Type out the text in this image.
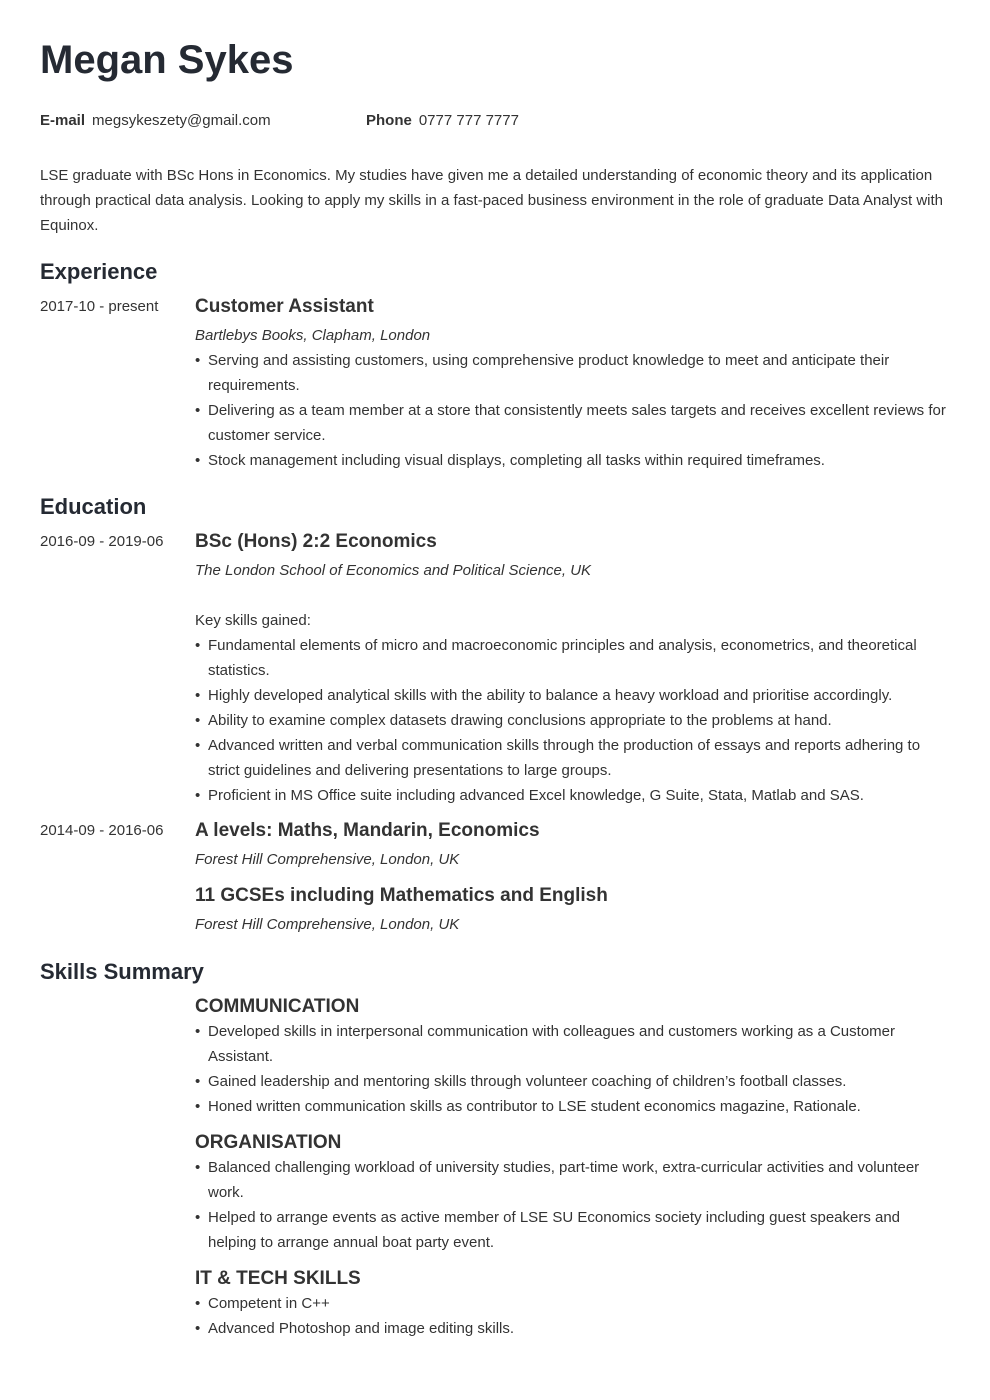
Megan Sykes
E-mail megsykeszety@gmail.com	Phone 0777 777 7777

LSE graduate with BSc Hons in Economics. My studies have given me a detailed understanding of economic theory and its application through practical data analysis. Looking to apply my skills in a fast-paced business environment in the role of graduate Data Analyst with Equinox.

Experience
2017-10 - present	Customer Assistant
Bartlebys Books, Clapham, London
• Serving and assisting customers, using comprehensive product knowledge to meet and anticipate their requirements.
• Delivering as a team member at a store that consistently meets sales targets and receives excellent reviews for customer service.
• Stock management including visual displays, completing all tasks within required timeframes.
Education
2016-09 - 2019-06	BSc (Hons) 2:2 Economics
The London School of Economics and Political Science, UK
Key skills gained:
• Fundamental elements of micro and macroeconomic principles and analysis, econometrics, and theoretical statistics.
• Highly developed analytical skills with the ability to balance a heavy workload and prioritise accordingly.
• Ability to examine complex datasets drawing conclusions appropriate to the problems at hand.
• Advanced written and verbal communication skills through the production of essays and reports adhering to strict guidelines and delivering presentations to large groups.
• Proficient in MS Office suite including advanced Excel knowledge, G Suite, Stata, Matlab and SAS.
2014-09 - 2016-06	A levels: Maths, Mandarin, Economics
Forest Hill Comprehensive, London, UK
11 GCSEs including Mathematics and English
Forest Hill Comprehensive, London, UK
Skills Summary
COMMUNICATION
• Developed skills in interpersonal communication with colleagues and customers working as a Customer Assistant.
• Gained leadership and mentoring skills through volunteer coaching of children’s football classes.
• Honed written communication skills as contributor to LSE student economics magazine, Rationale.
ORGANISATION
• Balanced challenging workload of university studies, part-time work, extra-curricular activities and volunteer work.
• Helped to arrange events as active member of LSE SU Economics society including guest speakers and helping to arrange annual boat party event.
IT & TECH SKILLS
• Competent in C++
• Advanced Photoshop and image editing skills.
